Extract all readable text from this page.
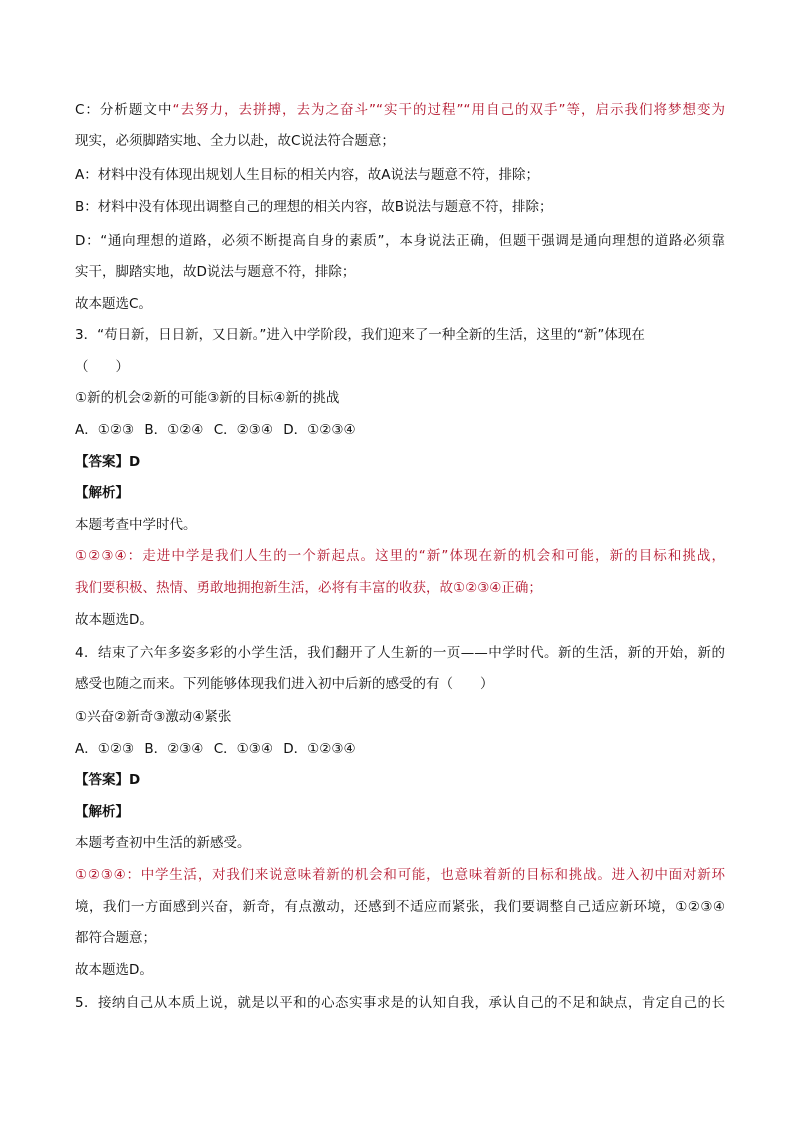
C：分析题文中“去努力，去拼搏，去为之奋斗”“实干的过程”“用自己的双手”等，启示我们将梦想变为
现实，必须脚踏实地、全力以赴，故C说法符合题意；
A：材料中没有体现出规划人生目标的相关内容，故A说法与题意不符，排除；
B：材料中没有体现出调整自己的理想的相关内容，故B说法与题意不符，排除；
D：“通向理想的道路，必须不断提高自身的素质”，本身说法正确，但题干强调是通向理想的道路必须靠
实干，脚踏实地，故D说法与题意不符，排除；
故本题选C。
3．“苟日新，日日新，又日新。”进入中学阶段，我们迎来了一种全新的生活，这里的“新”体现在
（　　）
①新的机会②新的可能③新的目标④新的挑战
A．①②③ B．①②④ C．②③④ D．①②③④
【答案】D
【解析】
本题考查中学时代。
①②③④：走进中学是我们人生的一个新起点。这里的“新”体现在新的机会和可能，新的目标和挑战，
我们要积极、热情、勇敢地拥抱新生活，必将有丰富的收获，故①②③④正确；
故本题选D。
4．结束了六年多姿多彩的小学生活，我们翻开了人生新的一页——中学时代。新的生活，新的开始，新的
感受也随之而来。下列能够体现我们进入初中后新的感受的有（　　）
①兴奋②新奇③激动④紧张
A．①②③ B．②③④ C．①③④ D．①②③④
【答案】D
【解析】
本题考查初中生活的新感受。
①②③④：中学生活，对我们来说意味着新的机会和可能，也意味着新的目标和挑战。进入初中面对新环
境，我们一方面感到兴奋，新奇，有点激动，还感到不适应而紧张，我们要调整自己适应新环境，①②③④
都符合题意；
故本题选D。
5．接纳自己从本质上说，就是以平和的心态实事求是的认知自我，承认自己的不足和缺点，肯定自己的长
